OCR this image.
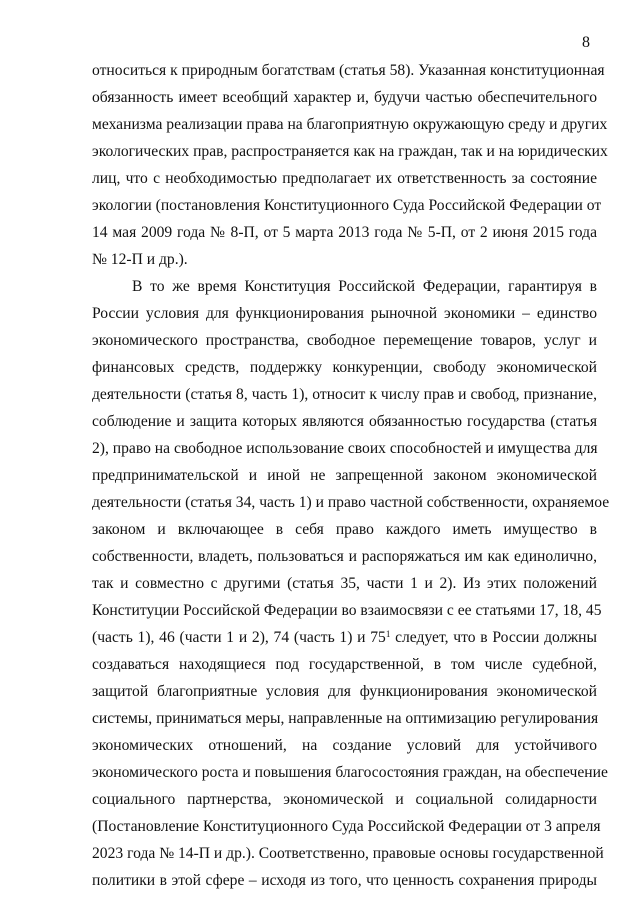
8
относиться к природным богатствам (статья 58). Указанная конституционная
обязанность имеет всеобщий характер и, будучи частью обеспечительного
механизма реализации права на благоприятную окружающую среду и других
экологических прав, распространяется как на граждан, так и на юридических
лиц, что с необходимостью предполагает их ответственность за состояние
экологии (постановления Конституционного Суда Российской Федерации от
14 мая 2009 года № 8-П, от 5 марта 2013 года № 5-П, от 2 июня 2015 года
№ 12-П и др.).
В то же время Конституция Российской Федерации, гарантируя в
России условия для функционирования рыночной экономики – единство
экономического пространства, свободное перемещение товаров, услуг и
финансовых средств, поддержку конкуренции, свободу экономической
деятельности (статья 8, часть 1), относит к числу прав и свобод, признание,
соблюдение и защита которых являются обязанностью государства (статья
2), право на свободное использование своих способностей и имущества для
предпринимательской и иной не запрещенной законом экономической
деятельности (статья 34, часть 1) и право частной собственности, охраняемое
законом и включающее в себя право каждого иметь имущество в
собственности, владеть, пользоваться и распоряжаться им как единолично,
так и совместно с другими (статья 35, части 1 и 2). Из этих положений
Конституции Российской Федерации во взаимосвязи с ее статьями 17, 18, 45
(часть 1), 46 (части 1 и 2), 74 (часть 1) и $75^1$ следует, что в России должны
создаваться находящиеся под государственной, в том числе судебной,
защитой благоприятные условия для функционирования экономической
системы, приниматься меры, направленные на оптимизацию регулирования
экономических отношений, на создание условий для устойчивого
экономического роста и повышения благосостояния граждан, на обеспечение
социального партнерства, экономической и социальной солидарности
(Постановление Конституционного Суда Российской Федерации от 3 апреля
2023 года № 14-П и др.). Соответственно, правовые основы государственной
политики в этой сфере – исходя из того, что ценность сохранения природы
